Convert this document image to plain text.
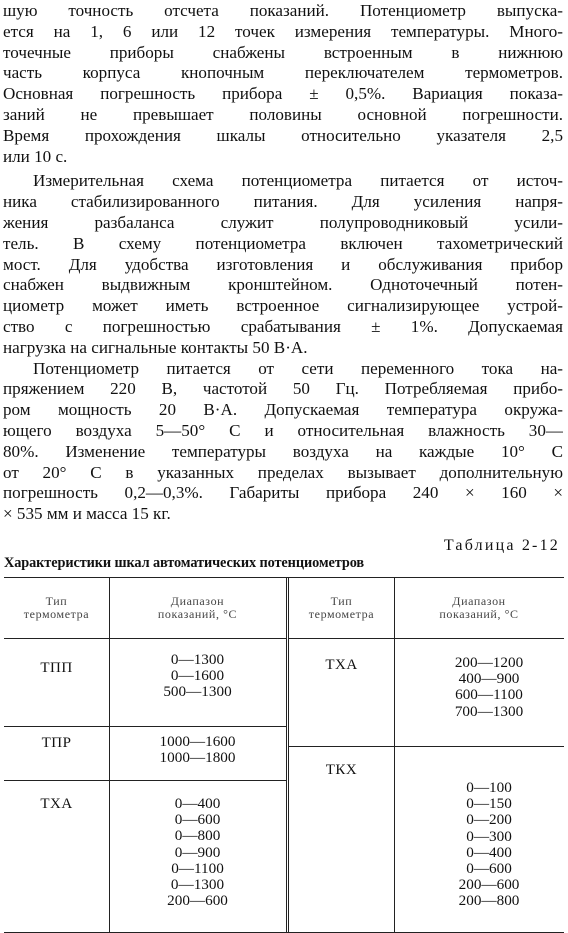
шую точность отсчета показаний. Потенциометр выпуска-
ется на 1, 6 или 12 точек измерения температуры. Много-
точечные приборы снабжены встроенным в нижнюю
часть корпуса кнопочным переключателем термометров.
Основная погрешность прибора ± 0,5%. Вариация показа-
заний не превышает половины основной погрешности.
Время прохождения шкалы относительно указателя 2,5
или 10 с.
Измерительная схема потенциометра питается от источ-
ника стабилизированного питания. Для усиления напря-
жения разбаланса служит полупроводниковый усили-
тель. В схему потенциометра включен тахометрический
мост. Для удобства изготовления и обслуживания прибор
снабжен выдвижным кронштейном. Одноточечный потен-
циометр может иметь встроенное сигнализирующее устрой-
ство с погрешностью срабатывания ± 1%. Допускаемая
нагрузка на сигнальные контакты 50 В·А.
Потенциометр питается от сети переменного тока на-
пряжением 220 В, частотой 50 Гц. Потребляемая прибо-
ром мощность 20 В·А. Допускаемая температура окружа-
ющего воздуха 5—50° С и относительная влажность 30—
80%. Изменение температуры воздуха на каждые 10° С
от 20° С в указанных пределах вызывает дополнительную
погрешность 0,2—0,3%. Габариты прибора 240 × 160 ×
× 535 мм и масса 15 кг.
Таблица 2-12
Характеристики шкал автоматических потенциометров
Тип
термометра
Диапазон
показаний, °С
ТПП	0—1300
0—1600
500—1300
ТПР	1000—1600
1000—1800
ТХА	0—400
0—600
0—800
0—900
0—1100
0—1300
200—600
Тип
термометра
Диапазон
показаний, °С
ТХА	200—1200
400—900
600—1100
700—1300
ТКХ
0—100
0—150
0—200
0—300
0—400
0—600
200—600
200—800
